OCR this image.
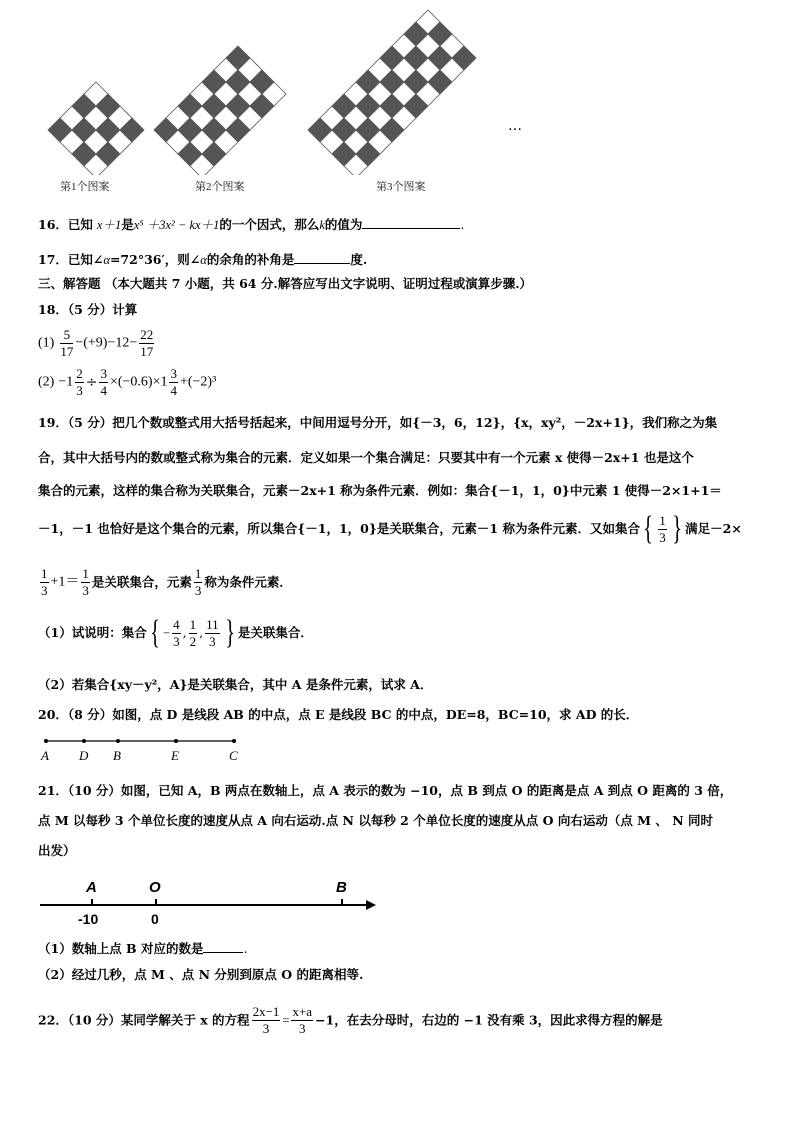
…
第1个图案	第2个图案	第3个图案
16．已知 x＋1是x⁵ ＋3x² − kx＋1的一个因式，那么k的值为	.
17．已知∠α=72°36′，则∠α的余角的补角是	度.
三、解答题 （本大题共 7 小题，共 64 分.解答应写出文字说明、证明过程或演算步骤.）
18．（5 分）计算
$(1) \frac{5}{17} -(+9)-12- \frac{22}{17}$
$(2) -1 \frac{2}{3} \div \frac{3}{4} \times(-0.6)\times 1 \frac{3}{4} +(-2)^3$
19．（5 分）把几个数或整式用大括号括起来，中间用逗号分开，如{－3，6，12}，{x，xy²，－2x+1}，我们称之为集
合，其中大括号内的数或整式称为集合的元素．定义如果一个集合满足：只要其中有一个元素 x 使得－2x+1 也是这个
集合的元素，这样的集合称为关联集合，元素－2x+1 称为条件元素．例如：集合{－1，1，0}中元素 1 使得－2×1+1＝
－1，－1 也恰好是这个集合的元素，所以集合{－1，1，0}是关联集合，元素－1 称为条件元素．又如集合{ $\frac{1}{3}$ } 满足－2×
$\frac{1}{3} +1= \frac{1}{3}$ 是关联集合，元素 $\frac{1}{3}$ 称为条件元素．
（1）试说明：集合{ − $\frac{4}{3}$ , $\frac{1}{2}$ , $\frac{11}{3}$ } 是关联集合．
（2）若集合{xy－y²，A}是关联集合，其中 A 是条件元素，试求 A．
20．（8 分）如图，点 D 是线段 AB 的中点，点 E 是线段 BC 的中点，DE=8，BC=10，求 AD 的长．
A D B	E	C
21．（10 分）如图，已知 A，B 两点在数轴上，点 A 表示的数为 −10，点 B 到点 O 的距离是点 A 到点 O 距离的 3 倍，
点 M 以每秒 3 个单位长度的速度从点 A 向右运动.点 N 以每秒 2 个单位长度的速度从点 O 向右运动（点 M 、 N 同时
出发）
A	O	B
-10	0
（1）数轴上点 B 对应的数是	.
（2）经过几秒，点 M 、点 N 分别到原点 O 的距离相等.
22．（10 分）某同学解关于 x 的方程 $\frac{2x-1}{3} = \frac{x+a}{3} -1$，在去分母时，右边的 −1 没有乘 3，因此求得方程的解是
